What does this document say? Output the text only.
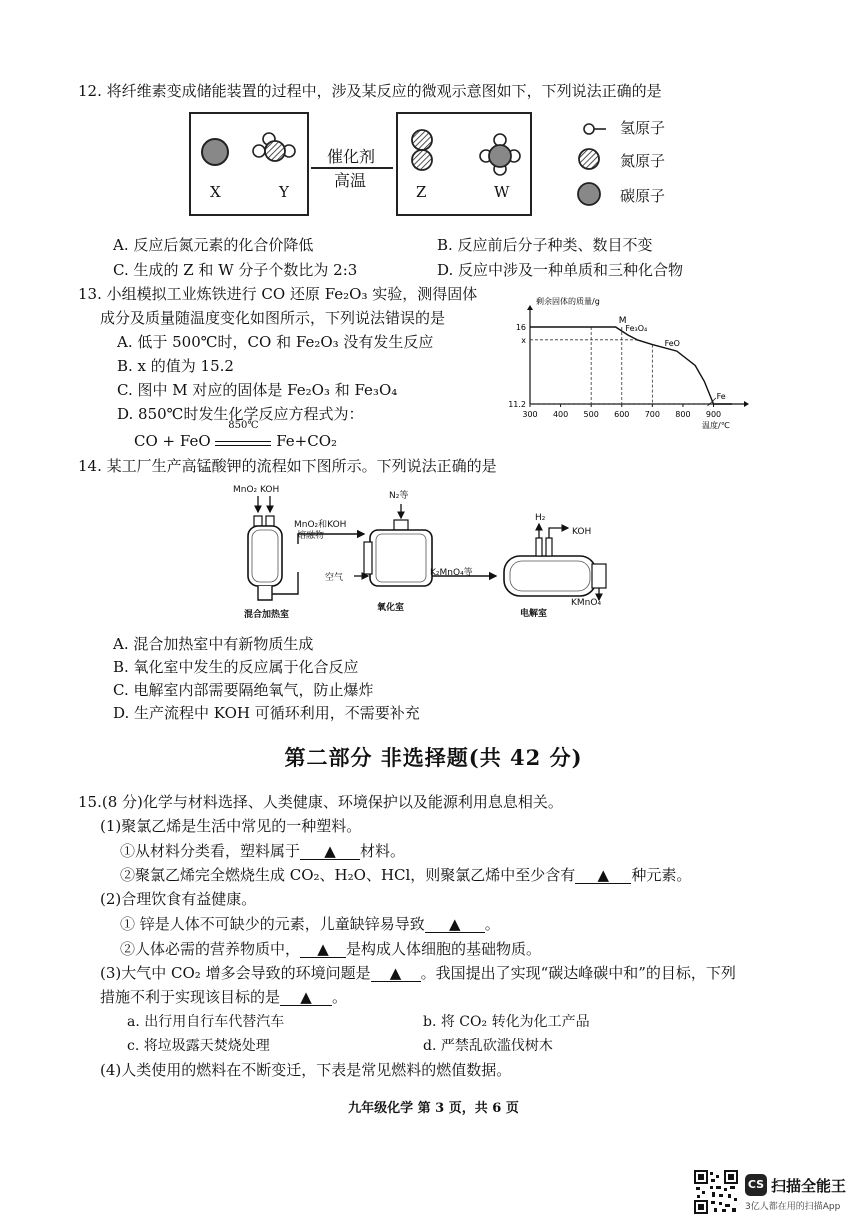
12. 将纤维素变成储能装置的过程中，涉及某反应的微观示意图如下，下列说法正确的是
X	Y	Z	W
催化剂
高温
氢原子
氮原子
碳原子
A. 反应后氮元素的化合价降低	B. 反应前后分子种类、数目不变
C. 生成的 Z 和 W 分子个数比为 2:3	D. 反应中涉及一种单质和三种化合物
13. 小组模拟工业炼铁进行 CO 还原 Fe₂O₃ 实验，测得固体
成分及质量随温度变化如图所示，下列说法错误的是
A. 低于 500℃时，CO 和 Fe₂O₃ 没有发生反应
B. x 的值为 15.2
C. 图中 M 对应的固体是 Fe₂O₃ 和 Fe₃O₄
D. 850℃时发生化学反应方程式为：
CO + FeO
850℃
Fe+CO₂
剩余固体的质量/g
温度/℃
300 400 500 600 700 800 900
16
x
11.2
M
Fe₃O₄
FeO
Fe
14. 某工厂生产高锰酸钾的流程如下图所示。下列说法正确的是
MnO₂ KOH
MnO₂和KOH
熔融物
N₂等
空气	K₂MnO₄等
H₂
KOH
KMnO₄
混合加热室
氧化室
电解室
A. 混合加热室中有新物质生成
B. 氧化室中发生的反应属于化合反应
C. 电解室内部需要隔绝氧气，防止爆炸
D. 生产流程中 KOH 可循环利用，不需要补充
第二部分 非选择题(共 42 分)
15.(8 分)化学与材料选择、人类健康、环境保护以及能源利用息息相关。
(1)聚氯乙烯是生活中常见的一种塑料。
①从材料分类看，塑料属于 ▲ 材料。
②聚氯乙烯完全燃烧生成 CO₂、H₂O、HCl，则聚氯乙烯中至少含有 ▲ 种元素。
(2)合理饮食有益健康。
① 锌是人体不可缺少的元素，儿童缺锌易导致 ▲ 。
②人体必需的营养物质中， ▲ 是构成人体细胞的基础物质。
(3)大气中 CO₂ 增多会导致的环境问题是 ▲ 。我国提出了实现“碳达峰碳中和”的目标，下列
措施不利于实现该目标的是 ▲ 。
a. 出行用自行车代替汽车	b. 将 CO₂ 转化为化工产品
c. 将垃圾露天焚烧处理	d. 严禁乱砍滥伐树木
(4)人类使用的燃料在不断变迁，下表是常见燃料的燃值数据。
九年级化学 第 3 页，共 6 页
CS 扫描全能王
3亿人都在用的扫描App
